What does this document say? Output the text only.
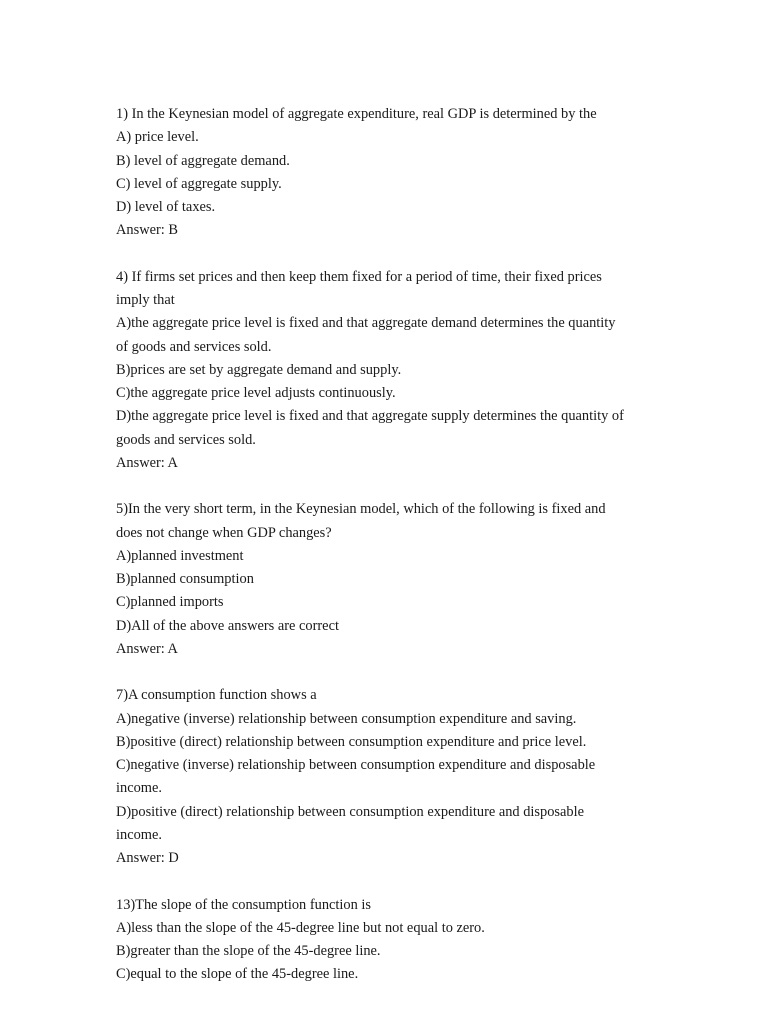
1) In the Keynesian model of aggregate expenditure, real GDP is determined by the
A) price level.
B) level of aggregate demand.
C) level of aggregate supply.
D) level of taxes.
Answer: B
4) If firms set prices and then keep them fixed for a period of time, their fixed prices
imply that
A)the aggregate price level is fixed and that aggregate demand determines the quantity
of goods and services sold.
B)prices are set by aggregate demand and supply.
C)the aggregate price level adjusts continuously.
D)the aggregate price level is fixed and that aggregate supply determines the quantity of
goods and services sold.
Answer: A
5)In the very short term, in the Keynesian model, which of the following is fixed and
does not change when GDP changes?
A)planned investment
B)planned consumption
C)planned imports
D)All of the above answers are correct
Answer: A
7)A consumption function shows a
A)negative (inverse) relationship between consumption expenditure and saving.
B)positive (direct) relationship between consumption expenditure and price level.
C)negative (inverse) relationship between consumption expenditure and disposable
income.
D)positive (direct) relationship between consumption expenditure and disposable
income.
Answer: D
13)The slope of the consumption function is
A)less than the slope of the 45-degree line but not equal to zero.
B)greater than the slope of the 45-degree line.
C)equal to the slope of the 45-degree line.
